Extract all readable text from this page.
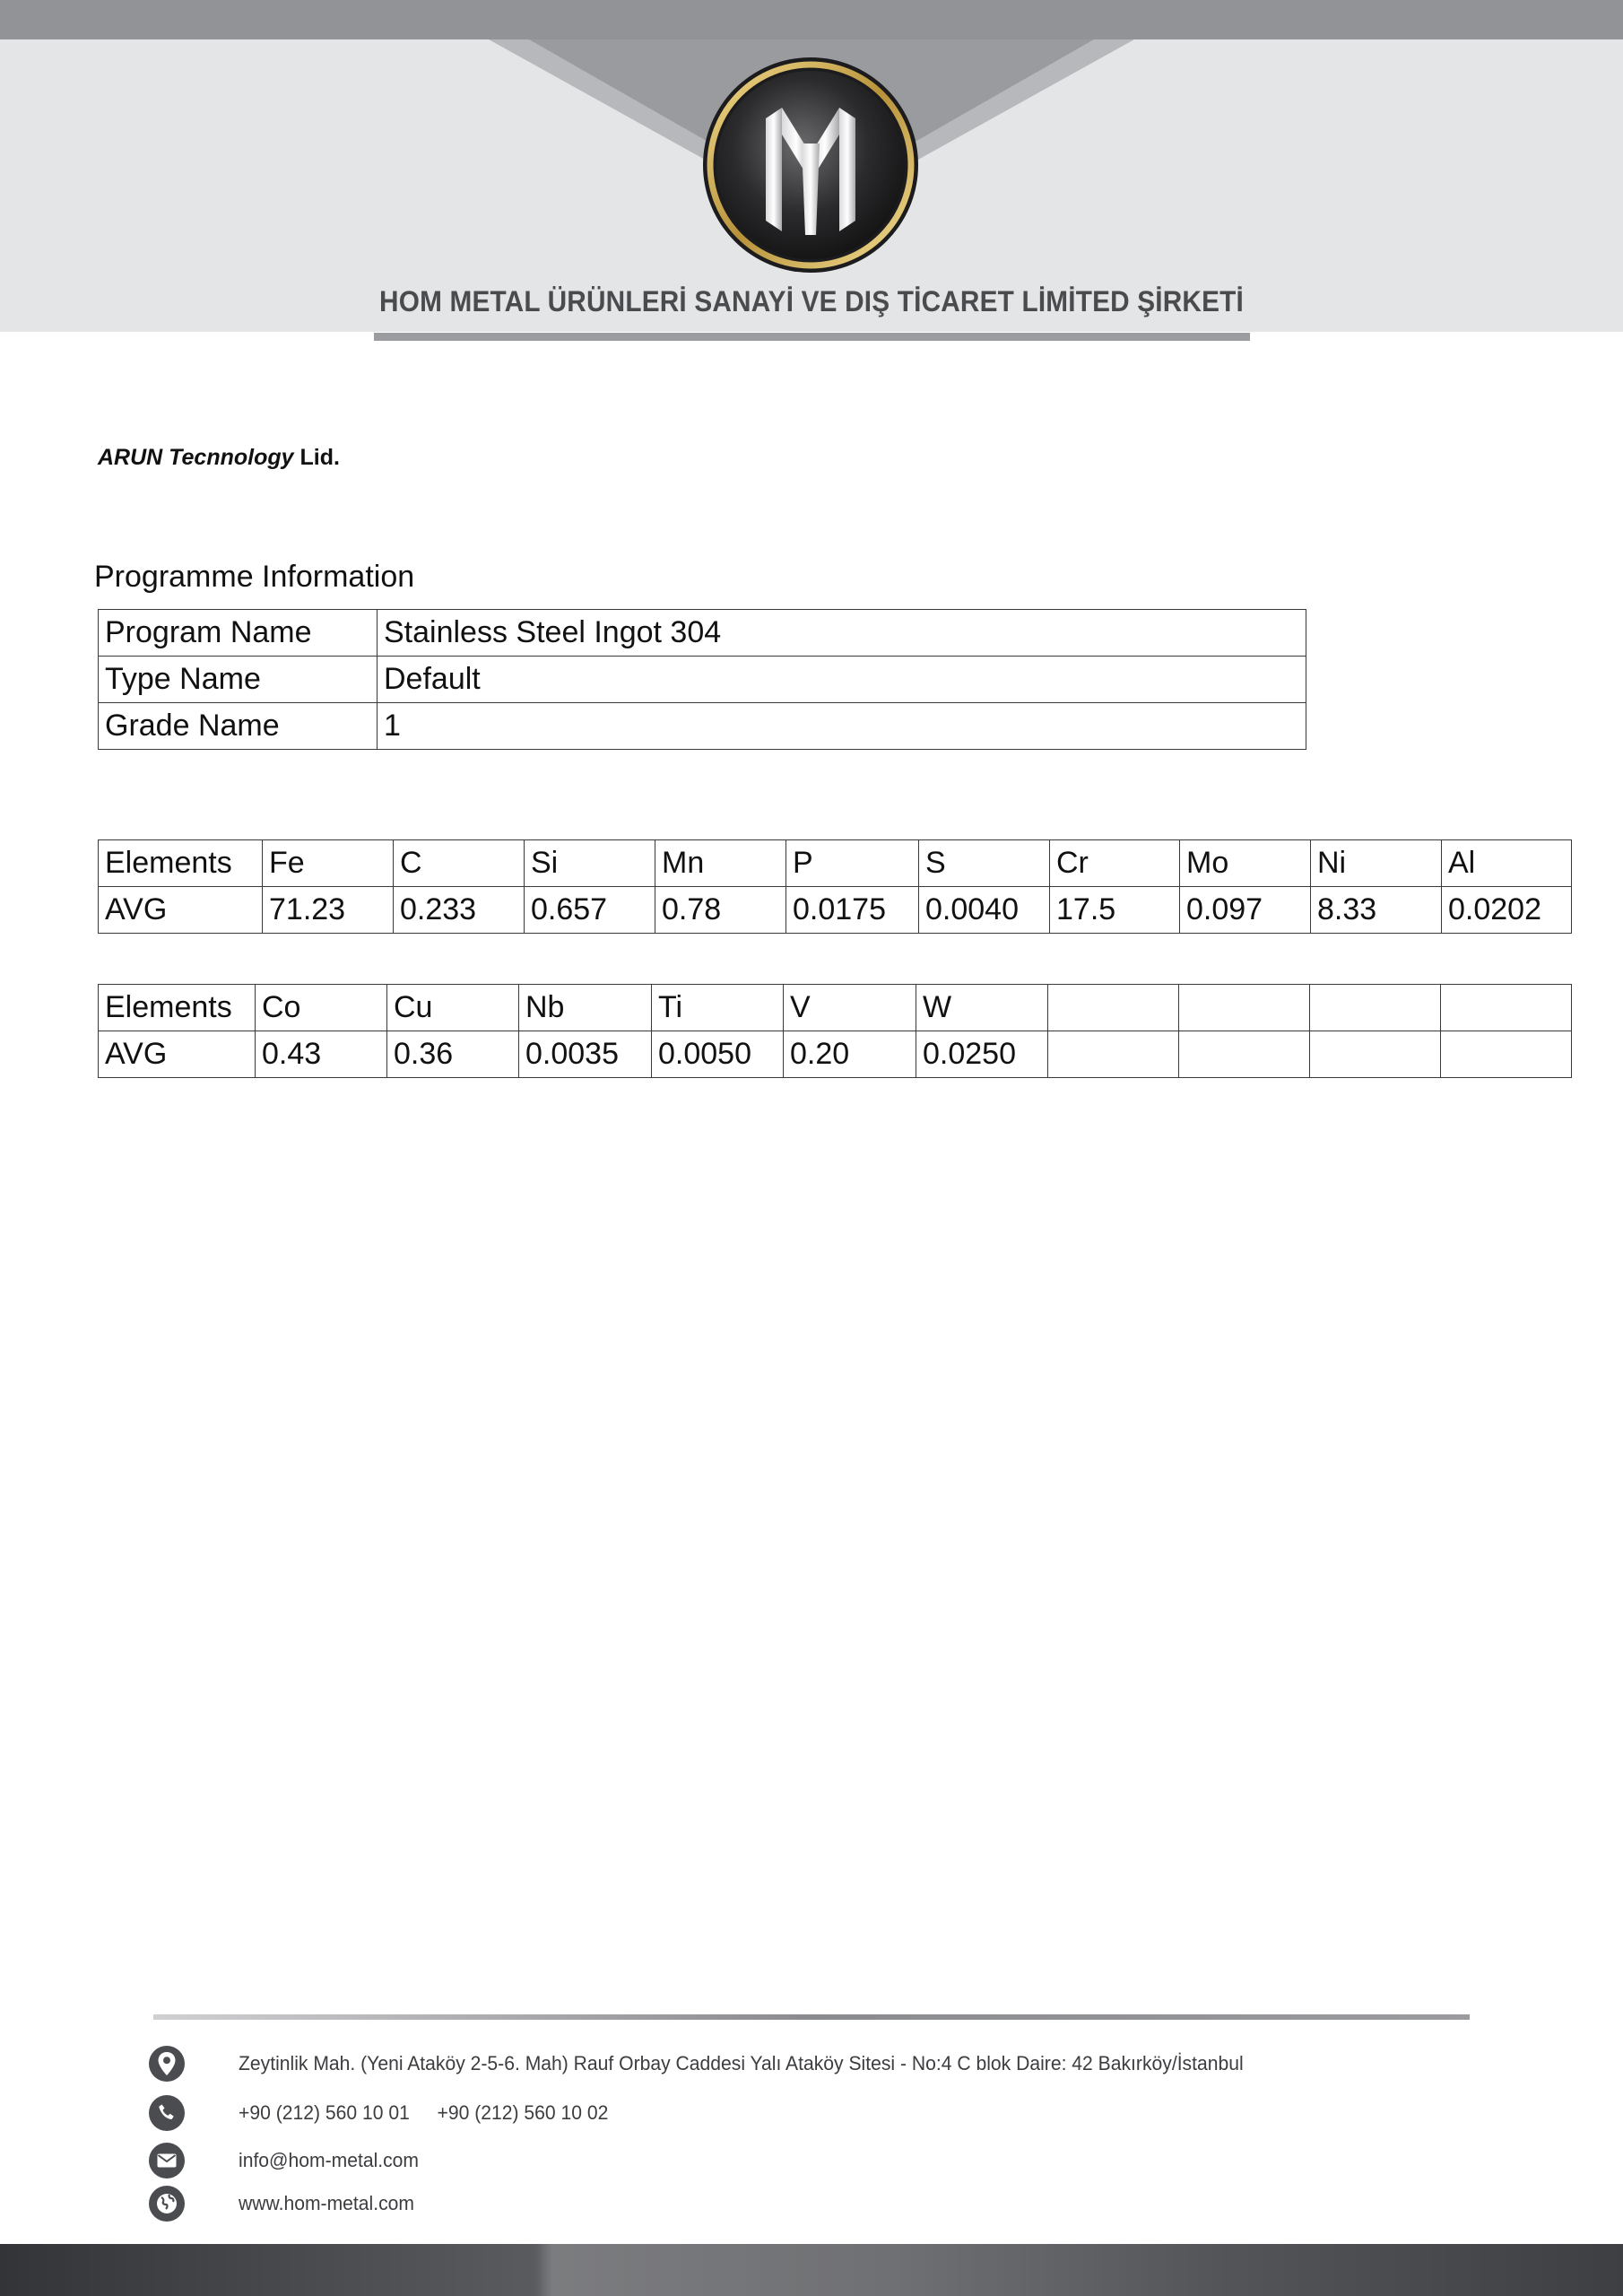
HOM METAL ÜRÜNLERİ SANAYİ VE DIŞ TİCARET LİMİTED ŞİRKETİ
ARUN Tecnnology Lid.
Programme Information
Program Name	Stainless Steel Ingot 304
Type Name	Default
Grade Name	1
Elements	Fe	C	Si	Mn	P	S	Cr	Mo	Ni	Al
AVG	71.23	0.233	0.657	0.78	0.0175	0.0040	17.5	0.097	8.33	0.0202
Elements	Co	Cu	Nb	Ti	V	W				
AVG	0.43	0.36	0.0035	0.0050	0.20	0.0250				
Zeytinlik Mah. (Yeni Ataköy 2-5-6. Mah) Rauf Orbay Caddesi Yalı Ataköy Sitesi - No:4 C blok Daire: 42 Bakırköy/İstanbul
+90 (212) 560 10 01 +90 (212) 560 10 02
info@hom-metal.com
www.hom-metal.com
